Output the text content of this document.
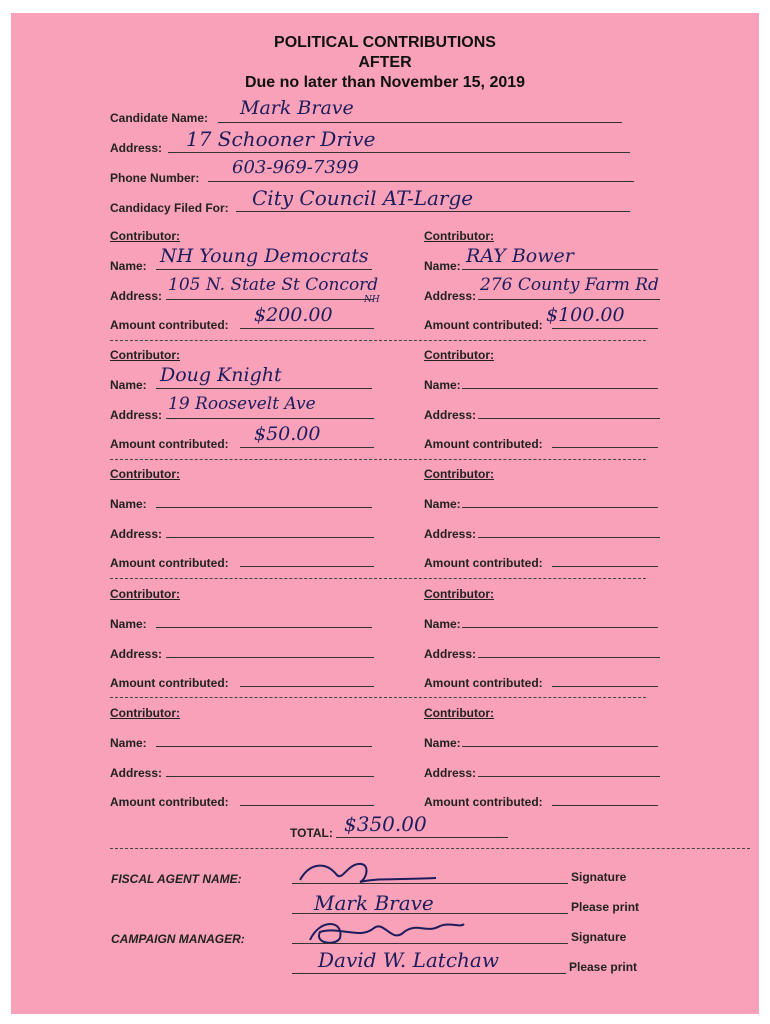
POLITICAL CONTRIBUTIONS
AFTER
Due no later than November 15, 2019
Candidate Name: Mark Brave
Address: 17 Schooner Drive
Phone Number: 603-969-7399
Candidacy Filed For: City Council AT-Large
Contributor:
Name: NH Young Democrats
Address:
105 N. State St Concord
NH
Amount contributed: $200.00
Contributor:
Name: RAY Bower
Address:
276 County Farm Rd
Amount contributed: $100.00
Contributor:
Name: Doug Knight
Address:
19 Roosevelt Ave
Amount contributed: $50.00
Contributor:
Name:
Address:
Amount contributed:
Contributor:
Name:
Address:
Amount contributed:
Contributor:
Name:
Address:
Amount contributed:
Contributor:
Name:
Address:
Amount contributed:
Contributor:
Name:
Address:
Amount contributed:
Contributor:
Name:
Address:
Amount contributed:
Contributor:
Name:
Address:
Amount contributed:
TOTAL: $350.00
FISCAL AGENT NAME:	Signature
Mark Brave	Please print
CAMPAIGN MANAGER:	Signature
David W. Latchaw	Please print
